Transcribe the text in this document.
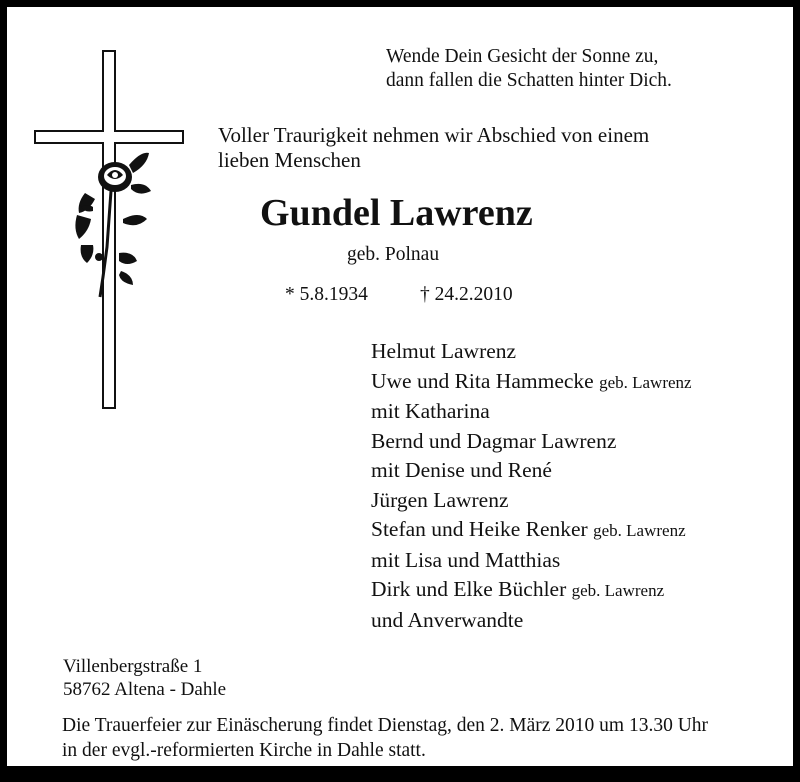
Wende Dein Gesicht der Sonne zu,
dann fallen die Schatten hinter Dich.
Voller Traurigkeit nehmen wir Abschied von einem
lieben Menschen
Gundel Lawrenz
geb. Polnau
* 5.8.1934	† 24.2.2010
Helmut Lawrenz
Uwe und Rita Hammecke geb. Lawrenz
mit Katharina
Bernd und Dagmar Lawrenz
mit Denise und René
Jürgen Lawrenz
Stefan und Heike Renker geb. Lawrenz
mit Lisa und Matthias
Dirk und Elke Büchler geb. Lawrenz
und Anverwandte
Villenbergstraße 1
58762 Altena - Dahle
Die Trauerfeier zur Einäscherung findet Dienstag, den 2. März 2010 um 13.30 Uhr
in der evgl.-reformierten Kirche in Dahle statt.
